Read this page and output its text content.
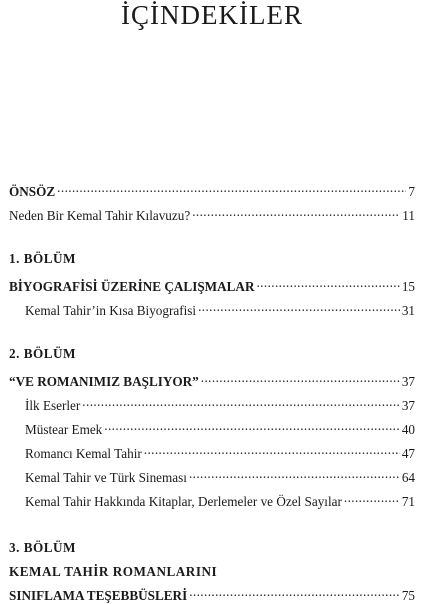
İÇİNDEKİLER
ÖNSÖZ .....	7
Neden Bir Kemal Tahir Kılavuzu? .....	11
1. BÖLÜM
BİYOGRAFİSİ ÜZERİNE ÇALIŞMALAR .....	15
Kemal Tahir’in Kısa Biyografisi .....	31
2. BÖLÜM
“VE ROMANIMIZ BAŞLIYOR” .....	37
İlk Eserler .....	37
Müstear Emek .....	40
Romancı Kemal Tahir .....	47
Kemal Tahir ve Türk Sineması .....	64
Kemal Tahir Hakkında Kitaplar, Derlemeler ve Özel Sayılar .....	71
3. BÖLÜM
KEMAL TAHİR ROMANLARINI
SINIFLAMA TEŞEBBÜSLERİ .....	75
